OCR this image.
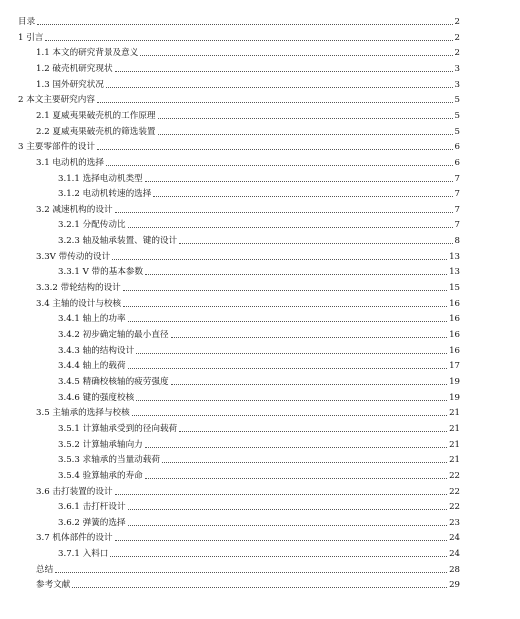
目录	2
1 引言	2
1.1 本文的研究背景及意义	2
1.2 破壳机研究现状	3
1.3 国外研究状况	3
2 本文主要研究内容	5
2.1 夏威夷果破壳机的工作原理	5
2.2 夏威夷果破壳机的筛选装置	5
3 主要零部件的设计	6
3.1 电动机的选择	6
3.1.1 选择电动机类型	7
3.1.2 电动机转速的选择	7
3.2 减速机构的设计	7
3.2.1 分配传动比	7
3.2.3 轴及轴承装置、键的设计	8
3.3V 带传动的设计	13
3.3.1 V 带的基本参数	13
3.3.2 带轮结构的设计	15
3.4 主轴的设计与校核	16
3.4.1 轴上的功率	16
3.4.2 初步确定轴的最小直径	16
3.4.3 轴的结构设计	16
3.4.4 轴上的载荷	17
3.4.5 精确校核轴的疲劳强度	19
3.4.6 键的强度校核	19
3.5 主轴承的选择与校核	21
3.5.1 计算轴承受到的径向载荷	21
3.5.2 计算轴承轴向力	21
3.5.3 求轴承的当量动载荷	21
3.5.4 验算轴承的寿命	22
3.6 击打装置的设计	22
3.6.1 击打杆设计	22
3.6.2 弹簧的选择	23
3.7 机体部件的设计	24
3.7.1 入料口	24
总结	28
参考文献	29
